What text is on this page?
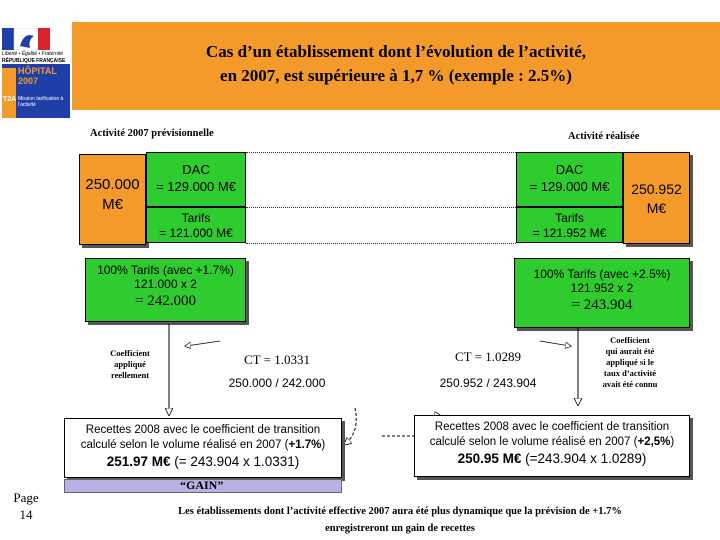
Liberté • Égalité • Fraternité
RÉPUBLIQUE FRANÇAISE
HÔPITAL
2007
T2A Mission tarification à l’activité
Cas d’un établissement dont l’évolution de l’activité,
en 2007, est supérieure à 1,7 % (exemple : 2.5%)
Activité 2007 prévisionnelle	Activité réalisée
250.000 M€
DAC
= 129.000 M€
Tarifs
= 121.000 M€
100% Tarifs (avec +1.7%)
121.000 x 2
= 242.000
DAC
= 129.000 M€
Tarifs
= 121.952 M€
250.952 M€
100% Tarifs (avec +2.5%)
121.952 x 2
= 243.904
Coefficient
appliqué
reellement
Coefficient
qui aurait été
appliqué si le
taux d’activité
avait été connu
CT = 1.0331
250.000 / 242.000
CT = 1.0289
250.952 / 243.904
Recettes 2008 avec le coefficient de transition
calculé selon le volume réalisé en 2007 (+1.7%)
251.97 M€ (= 243.904 x 1.0331)
Recettes 2008 avec le coefficient de transition
calculé selon le volume réalisé en 2007 (+2,5%)
250.95 M€ (=243.904 x 1.0289)
“GAIN”
Les établissements dont l’activité effective 2007 aura été plus dynamique que la prévision de +1.7%
enregistreront un gain de recettes
Page
14
